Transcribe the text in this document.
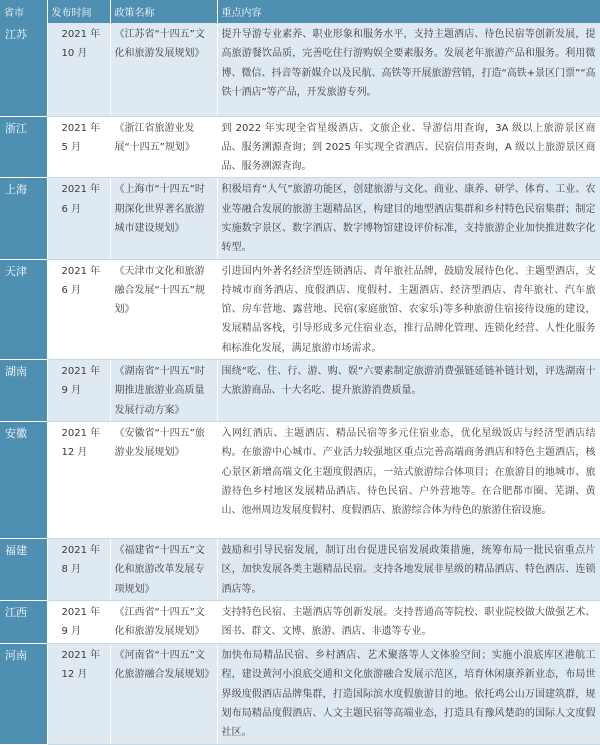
省市	发布时间	政策名称	重点内容
江苏	2021 年 10 月	《江苏省“十四五”文化和旅游发展规划》	提升导游专业素养、职业形象和服务水平，支持主题酒店、待色民宿等创新发展，提高旅游餐饮品质，完善吃住行游购娱全要素服务。发展老年旅游产品和服务。利用微博、微信、抖音等新媒介以及民航、高铁等开展旅游营销，打造“高铁+景区门票”“高铁十酒店”等产品，开发旅游专列。
浙江	2021 年 5 月	《浙江省旅游业发展“十四五”规划》	到 2022 年实现全省星级酒店、文旅企业、导游信用查询，3A 级以上旅游景区商品、服务溯源查询；到 2025 年实现全省酒店、民宿信用查询，A 级以上旅游景区商品、服务溯源查询。
上海	2021 年 6 月	《上海市“十四五”时期深化世界著名旅游城市建设规划》	积极培育“人气”旅游功能区，创建旅游与文化、商业、康养、研学、体育、工业、农业等融合发展的旅游主题精品区，构建目的地型酒店集群和乡村特色民宿集群；制定实施数字景区、数字酒店、数字博物馆建设评价标准，支持旅游企业加快推进数字化转型。
天津	2021 年 6 月	《天津市文化和旅游融合发展“十四五”规划》	引进国内外著名经济型连锁酒店、青年旅社品牌，鼓励发展待色化、主题型酒店，支持城市商务酒店、度假酒店、度假村、主题酒店、经济型酒店、青年旅社、汽车旅馆、房车营地、露营地、民宿(家庭旅馆、农家乐)等多种旅游住宿接待设施的建设，发展精品客栈，引导形成多元住宿业态，推行品牌化管理、连锁化经营、人性化服务和标准化发展，满足旅游市场需求。
湖南	2021 年 9 月	《湖南省“十四五”时期推进旅游业高质量发展行动方案》	围绕“吃、住、行、游、购、娱”六要素制定旅游消费强链延链补链计划，评选湖南十大旅游商品、十大名吃、提升旅游消费质量。
安徽	2021 年 12 月	《安徽省“十四五”旅游业发展规划》	入网红酒店、主题酒店、精品民宿等多元住宿业态，优化星级饭店与经济型酒店结构。在旅游中心城市、产业活力较强地区重点完善高端商务酒店和特色主题酒店，核心景区新增高端文化主题度假酒店，一站式旅游综合体项目；在旅游目的地城市、旅游待色乡村地区发展精品酒店、待色民宿、户外营地等。在合肥都市圈、芜湖、黄山、池州周边发展度假村、度假酒店、旅游综合体为待色的旅游住宿设施。
福建	2021 年 8 月	《福建省“十四五”文化和旅游改革发展专项规划》	鼓励和引导民宿发展，制订出台促进民宿发展政策措施，统筹布局一批民宿重点片区，加快发展各类主题精品民宿。支持各地发展非星级的精品酒店、特色酒店、连锁酒店等。
江西	2021 年 9 月	《江西省“十四五”文化和旅游发展规划》	支持特色民宿、主题酒店等创新发展。支持普通高等院校、职业院校做大做强艺术、图书、群文、文博、旅游、酒店、非遗等专业。
河南	2021 年 12 月	《河南省“十四五”文化旅游融合发展规划》	加快布局精品民宿、乡村酒店、艺术聚落等人文体验空间；实施小浪底库区港航工程，建设黄河小浪底交通和文化旅游融合发展示范区，培育休闲康养新业态，布局世界级度假酒店品牌集群，打造国际滨水度假旅游目的地。依托鸡公山万国建筑群，规划布局精品度假酒店、人文主题民宿等高端业态，打造具有豫风楚韵的国际人文度假社区。
